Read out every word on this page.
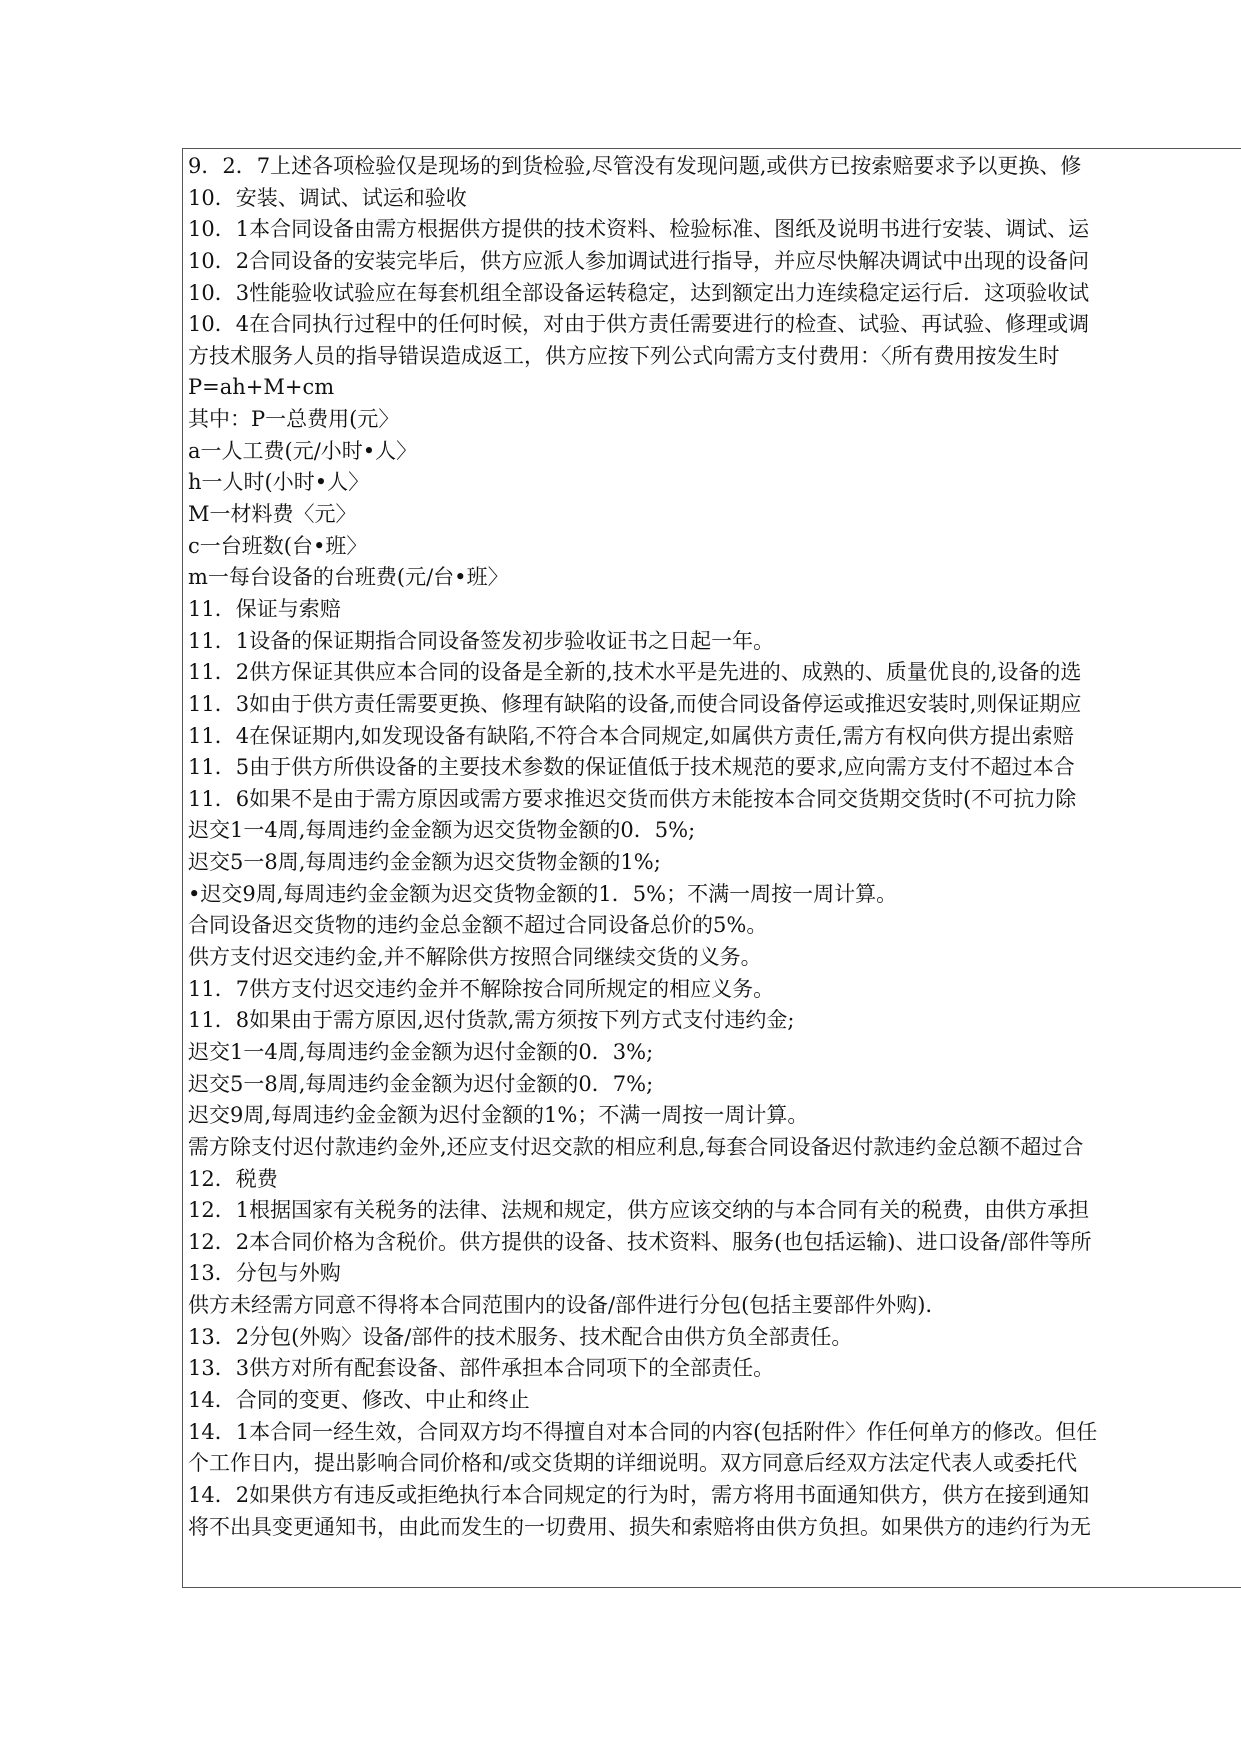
9．2．7上述各项检验仅是现场的到货检验,尽管没有发现问题,或供方已按索赔要求予以更换、修
10．安装、调试、试运和验收
10．1本合同设备由需方根据供方提供的技术资料、检验标准、图纸及说明书进行安装、调试、运
10．2合同设备的安装完毕后，供方应派人参加调试进行指导，并应尽快解决调试中出现的设备问
10．3性能验收试验应在每套机组全部设备运转稳定，达到额定出力连续稳定运行后．这项验收试
10．4在合同执行过程中的任何时候，对由于供方责任需要进行的检查、试验、再试验、修理或调
方技术服务人员的指导错误造成返工，供方应按下列公式向需方支付费用：〈所有费用按发生时
P=ah+M+cm
其中：P一总费用(元〉
a一人工费(元/小时•人〉
h一人时(小时•人〉
M一材料费〈元〉
c一台班数(台•班〉
m一每台设备的台班费(元/台•班〉
11．保证与索赔
11．1设备的保证期指合同设备签发初步验收证书之日起一年。
11．2供方保证其供应本合同的设备是全新的,技术水平是先进的、成熟的、质量优良的,设备的选
11．3如由于供方责任需要更换、修理有缺陷的设备,而使合同设备停运或推迟安装时,则保证期应
11．4在保证期内,如发现设备有缺陷,不符合本合同规定,如属供方责任,需方有权向供方提出索赔
11．5由于供方所供设备的主要技术参数的保证值低于技术规范的要求,应向需方支付不超过本合
11．6如果不是由于需方原因或需方要求推迟交货而供方未能按本合同交货期交货时(不可抗力除
迟交1一4周,每周违约金金额为迟交货物金额的0．5%;
迟交5一8周,每周违约金金额为迟交货物金额的1%;
•迟交9周,每周违约金金额为迟交货物金额的1．5%；不满一周按一周计算。
合同设备迟交货物的违约金总金额不超过合同设备总价的5%。
供方支付迟交违约金,并不解除供方按照合同继续交货的义务。
11．7供方支付迟交违约金并不解除按合同所规定的相应义务。
11．8如果由于需方原因,迟付货款,需方须按下列方式支付违约金;
迟交1一4周,每周违约金金额为迟付金额的0．3%;
迟交5一8周,每周违约金金额为迟付金额的0．7%;
迟交9周,每周违约金金额为迟付金额的1%；不满一周按一周计算。
需方除支付迟付款违约金外,还应支付迟交款的相应利息,每套合同设备迟付款违约金总额不超过合
12．税费
12．1根据国家有关税务的法律、法规和规定，供方应该交纳的与本合同有关的税费，由供方承担
12．2本合同价格为含税价。供方提供的设备、技术资料、服务(也包括运输)、进口设备/部件等所
13．分包与外购
供方未经需方同意不得将本合同范围内的设备/部件进行分包(包括主要部件外购)．
13．2分包(外购〉设备/部件的技术服务、技术配合由供方负全部责任。
13．3供方对所有配套设备、部件承担本合同项下的全部责任。
14．合同的变更、修改、中止和终止
14．1本合同一经生效，合同双方均不得擅自对本合同的内容(包括附件〉作任何单方的修改。但任
个工作日内，提出影响合同价格和/或交货期的详细说明。双方同意后经双方法定代表人或委托代
14．2如果供方有违反或拒绝执行本合同规定的行为时，需方将用书面通知供方，供方在接到通知
将不出具变更通知书，由此而发生的一切费用、损失和索赔将由供方负担。如果供方的违约行为无
